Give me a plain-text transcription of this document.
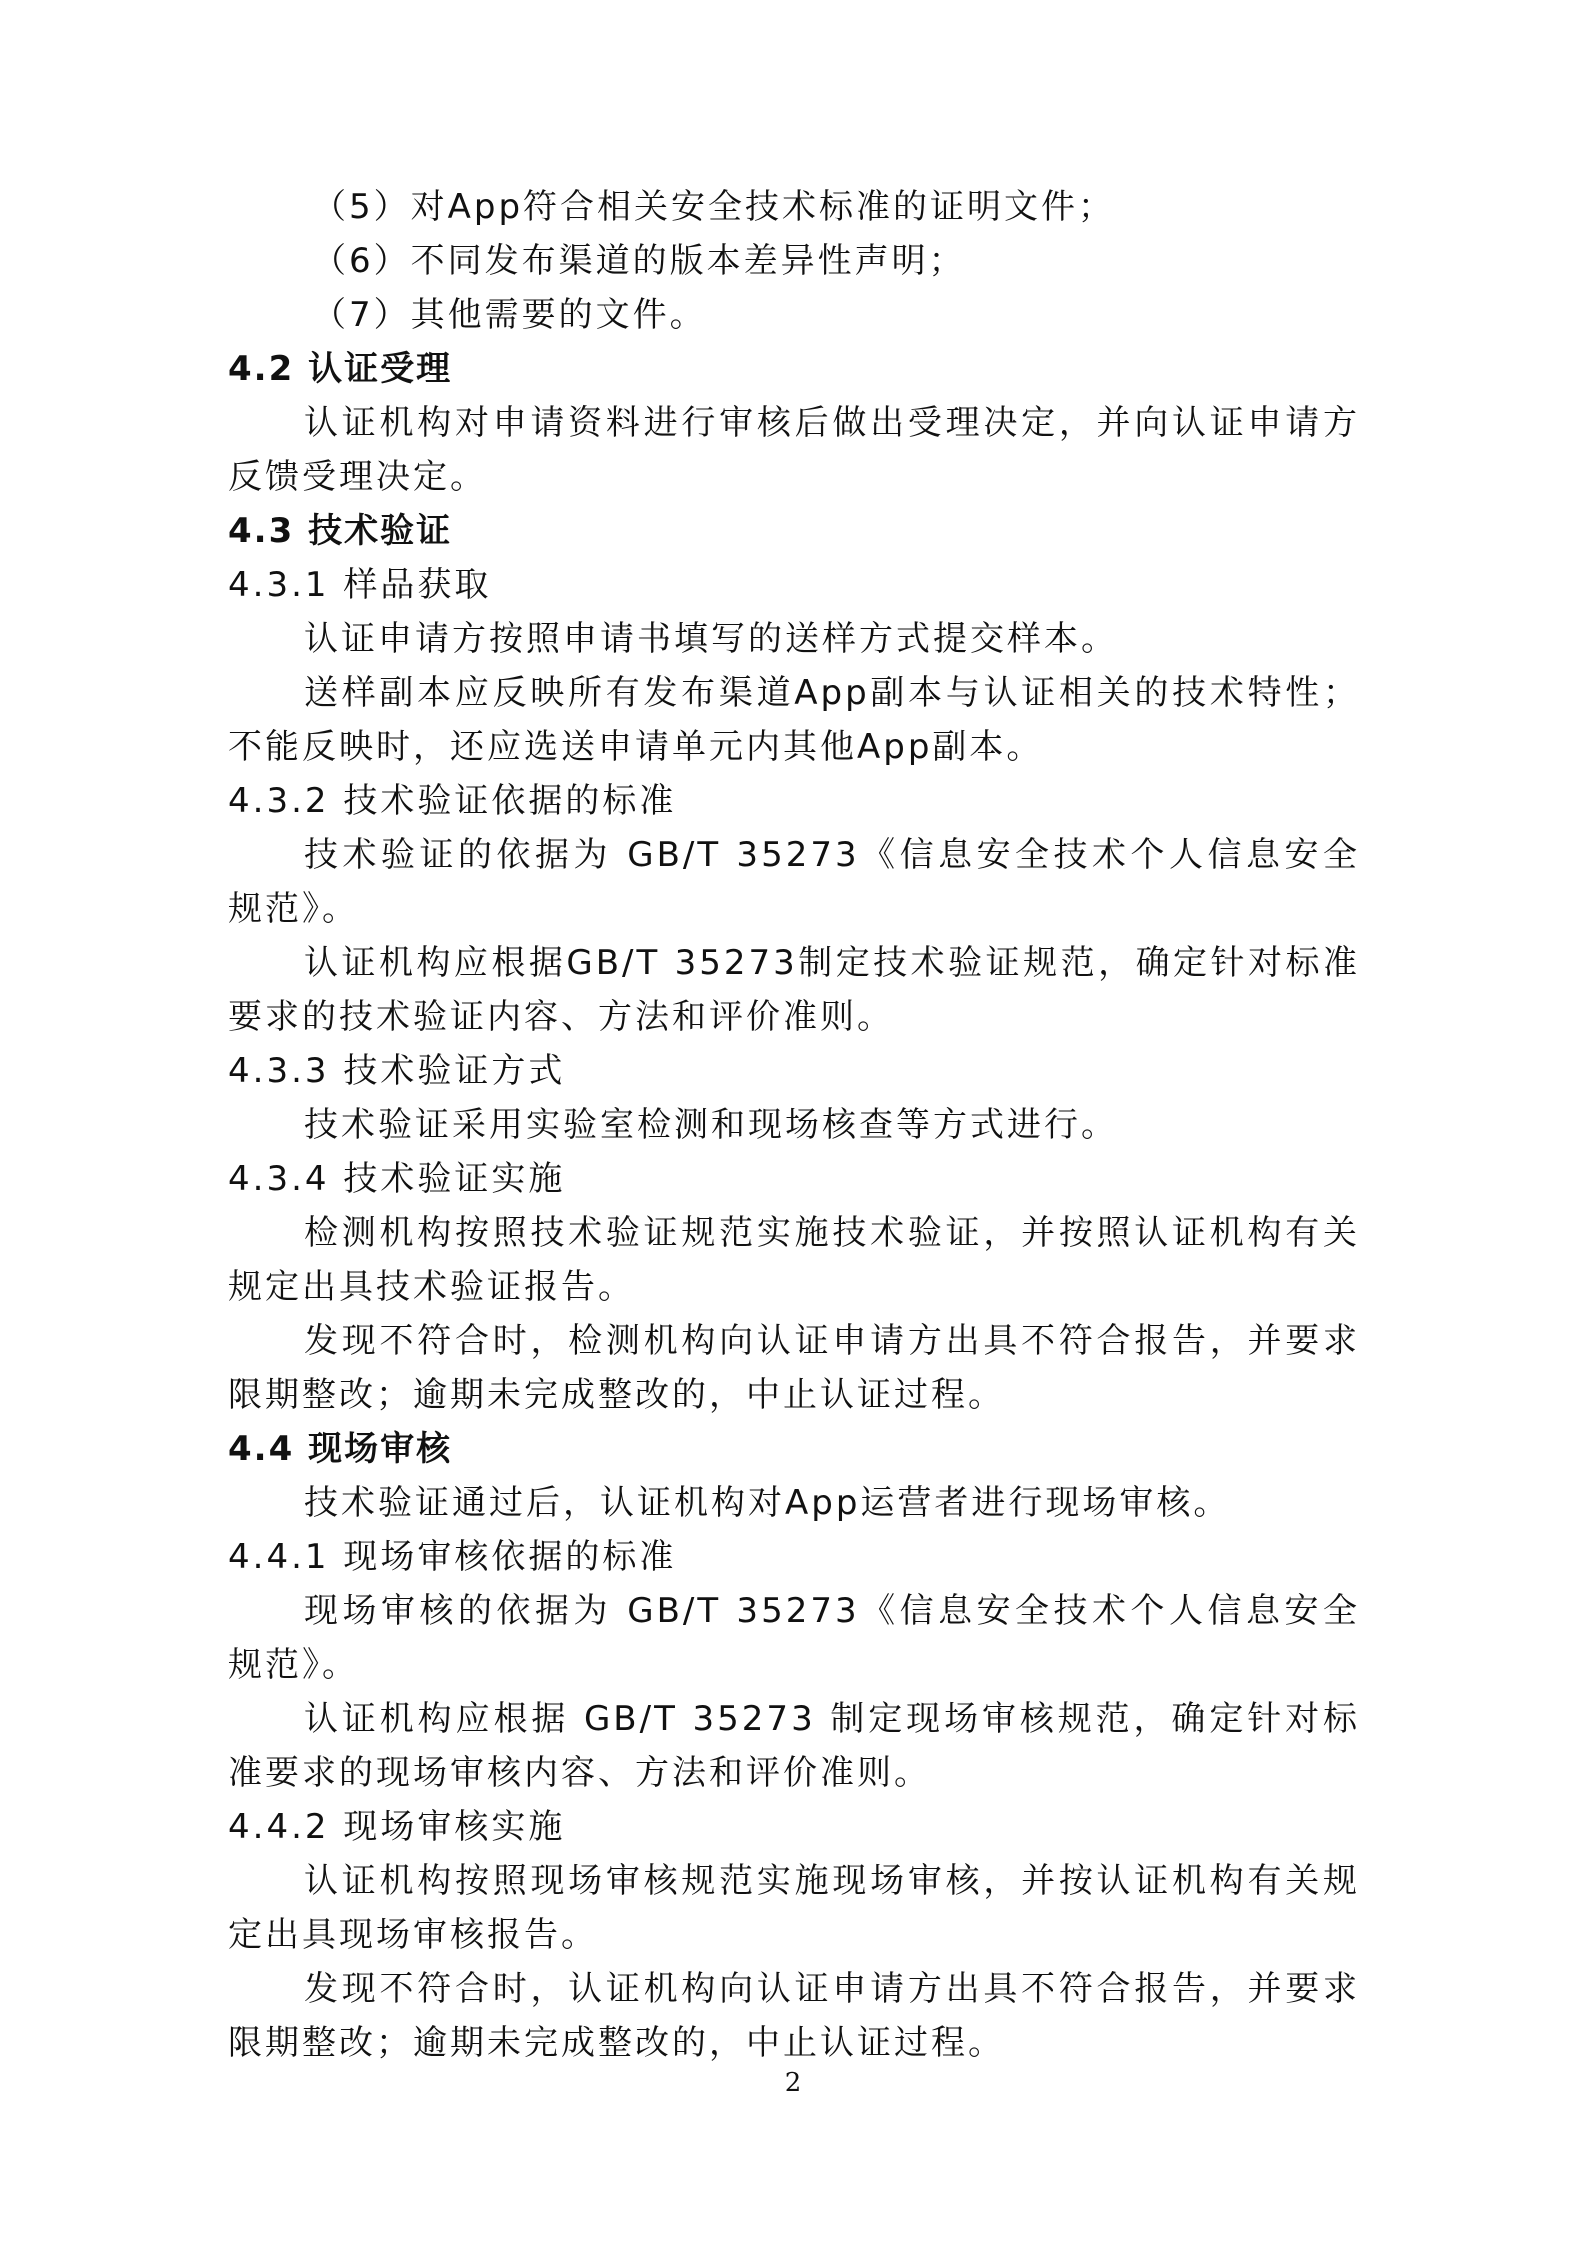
（5）对App符合相关安全技术标准的证明文件；
（6）不同发布渠道的版本差异性声明；
（7）其他需要的文件。
4.2 认证受理

认证机构对申请资料进行审核后做出受理决定，并向认证申请方反馈受理决定。

4.3 技术验证
4.3.1 样品获取

认证申请方按照申请书填写的送样方式提交样本。

送样副本应反映所有发布渠道App副本与认证相关的技术特性；不能反映时，还应选送申请单元内其他App副本。

4.3.2 技术验证依据的标准

技术验证的依据为 GB/T 35273《信息安全技术个人信息安全规范》。

认证机构应根据GB/T 35273制定技术验证规范，确定针对标准要求的技术验证内容、方法和评价准则。

4.3.3 技术验证方式

技术验证采用实验室检测和现场核查等方式进行。

4.3.4 技术验证实施

检测机构按照技术验证规范实施技术验证，并按照认证机构有关规定出具技术验证报告。

发现不符合时，检测机构向认证申请方出具不符合报告，并要求限期整改；逾期未完成整改的，中止认证过程。

4.4 现场审核

技术验证通过后，认证机构对App运营者进行现场审核。

4.4.1 现场审核依据的标准

现场审核的依据为 GB/T 35273《信息安全技术个人信息安全规范》。

认证机构应根据 GB/T 35273 制定现场审核规范，确定针对标准要求的现场审核内容、方法和评价准则。

4.4.2 现场审核实施

认证机构按照现场审核规范实施现场审核，并按认证机构有关规定出具现场审核报告。

发现不符合时，认证机构向认证申请方出具不符合报告，并要求限期整改；逾期未完成整改的，中止认证过程。

2
